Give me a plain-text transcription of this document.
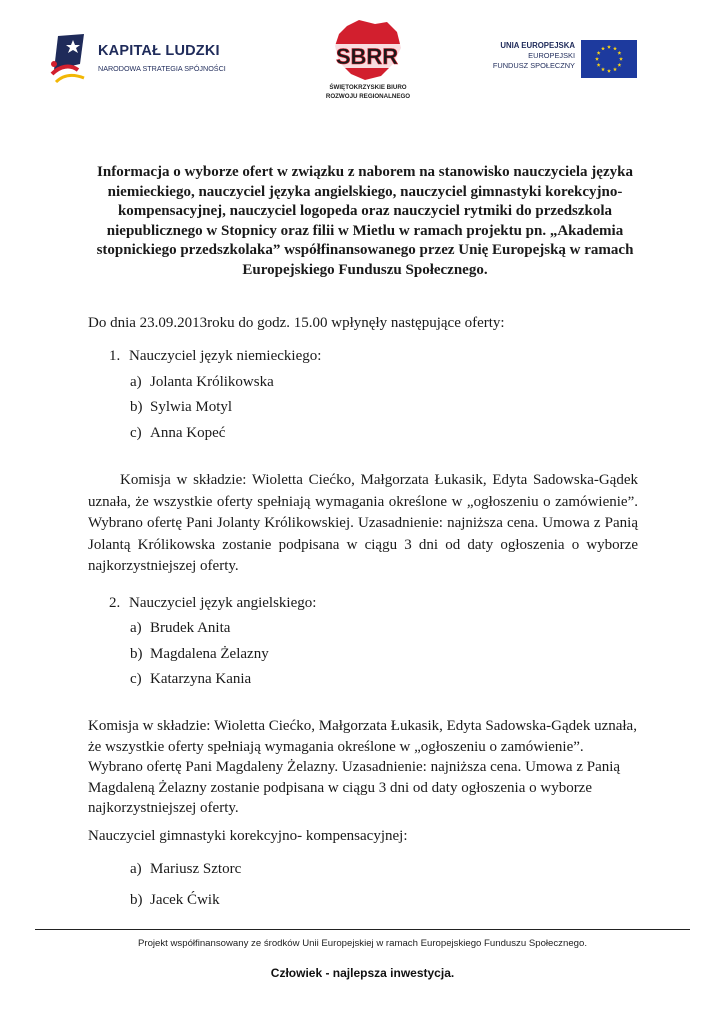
KAPITAŁ LUDZKI
NARODOWA STRATEGIA SPÓJNOŚCI	SBRR
ŚWIĘTOKRZYSKIE BIURO
ROZWOJU REGIONALNEGO
UNIA EUROPEJSKA
EUROPEJSKI
FUNDUSZ SPOŁECZNY
Informacja o wyborze ofert w związku z naborem na stanowisko nauczyciela języka niemieckiego, nauczyciel języka angielskiego, nauczyciel gimnastyki korekcyjno-kompensacyjnej, nauczyciel logopeda oraz nauczyciel rytmiki do przedszkola niepublicznego w Stopnicy oraz filii w Mietlu w ramach projektu pn. „Akademia stopnickiego przedszkolaka” współfinansowanego przez Unię Europejską w ramach Europejskiego Funduszu Społecznego.

Do dnia 23.09.2013roku do godz. 15.00 wpłynęły następujące oferty:

1. Nauczyciel język niemieckiego:
a) Jolanta Królikowska
b) Sylwia Motyl
c) Anna Kopeć

Komisja w składzie: Wioletta Ciećko, Małgorzata Łukasik, Edyta Sadowska-Gądek uznała, że wszystkie oferty spełniają wymagania określone w „ogłoszeniu o zamówienie”. Wybrano ofertę Pani Jolanty Królikowskiej. Uzasadnienie: najniższa cena. Umowa z Panią Jolantą Królikowska zostanie podpisana w ciągu 3 dni od daty ogłoszenia o wyborze najkorzystniejszej oferty.

2. Nauczyciel język angielskiego:
a) Brudek Anita
b) Magdalena Żelazny
c) Katarzyna Kania

Komisja w składzie: Wioletta Ciećko, Małgorzata Łukasik, Edyta Sadowska-Gądek uznała, że wszystkie oferty spełniają wymagania określone w „ogłoszeniu o zamówienie”. Wybrano ofertę Pani Magdaleny Żelazny. Uzasadnienie: najniższa cena. Umowa z Panią Magdaleną Żelazny zostanie podpisana w ciągu 3 dni od daty ogłoszenia o wyborze najkorzystniejszej oferty.

Nauczyciel gimnastyki korekcyjno- kompensacyjnej:
a) Mariusz Sztorc
b) Jacek Ćwik
Projekt współfinansowany ze środków Unii Europejskiej w ramach Europejskiego Funduszu Społecznego.
Człowiek - najlepsza inwestycja.
